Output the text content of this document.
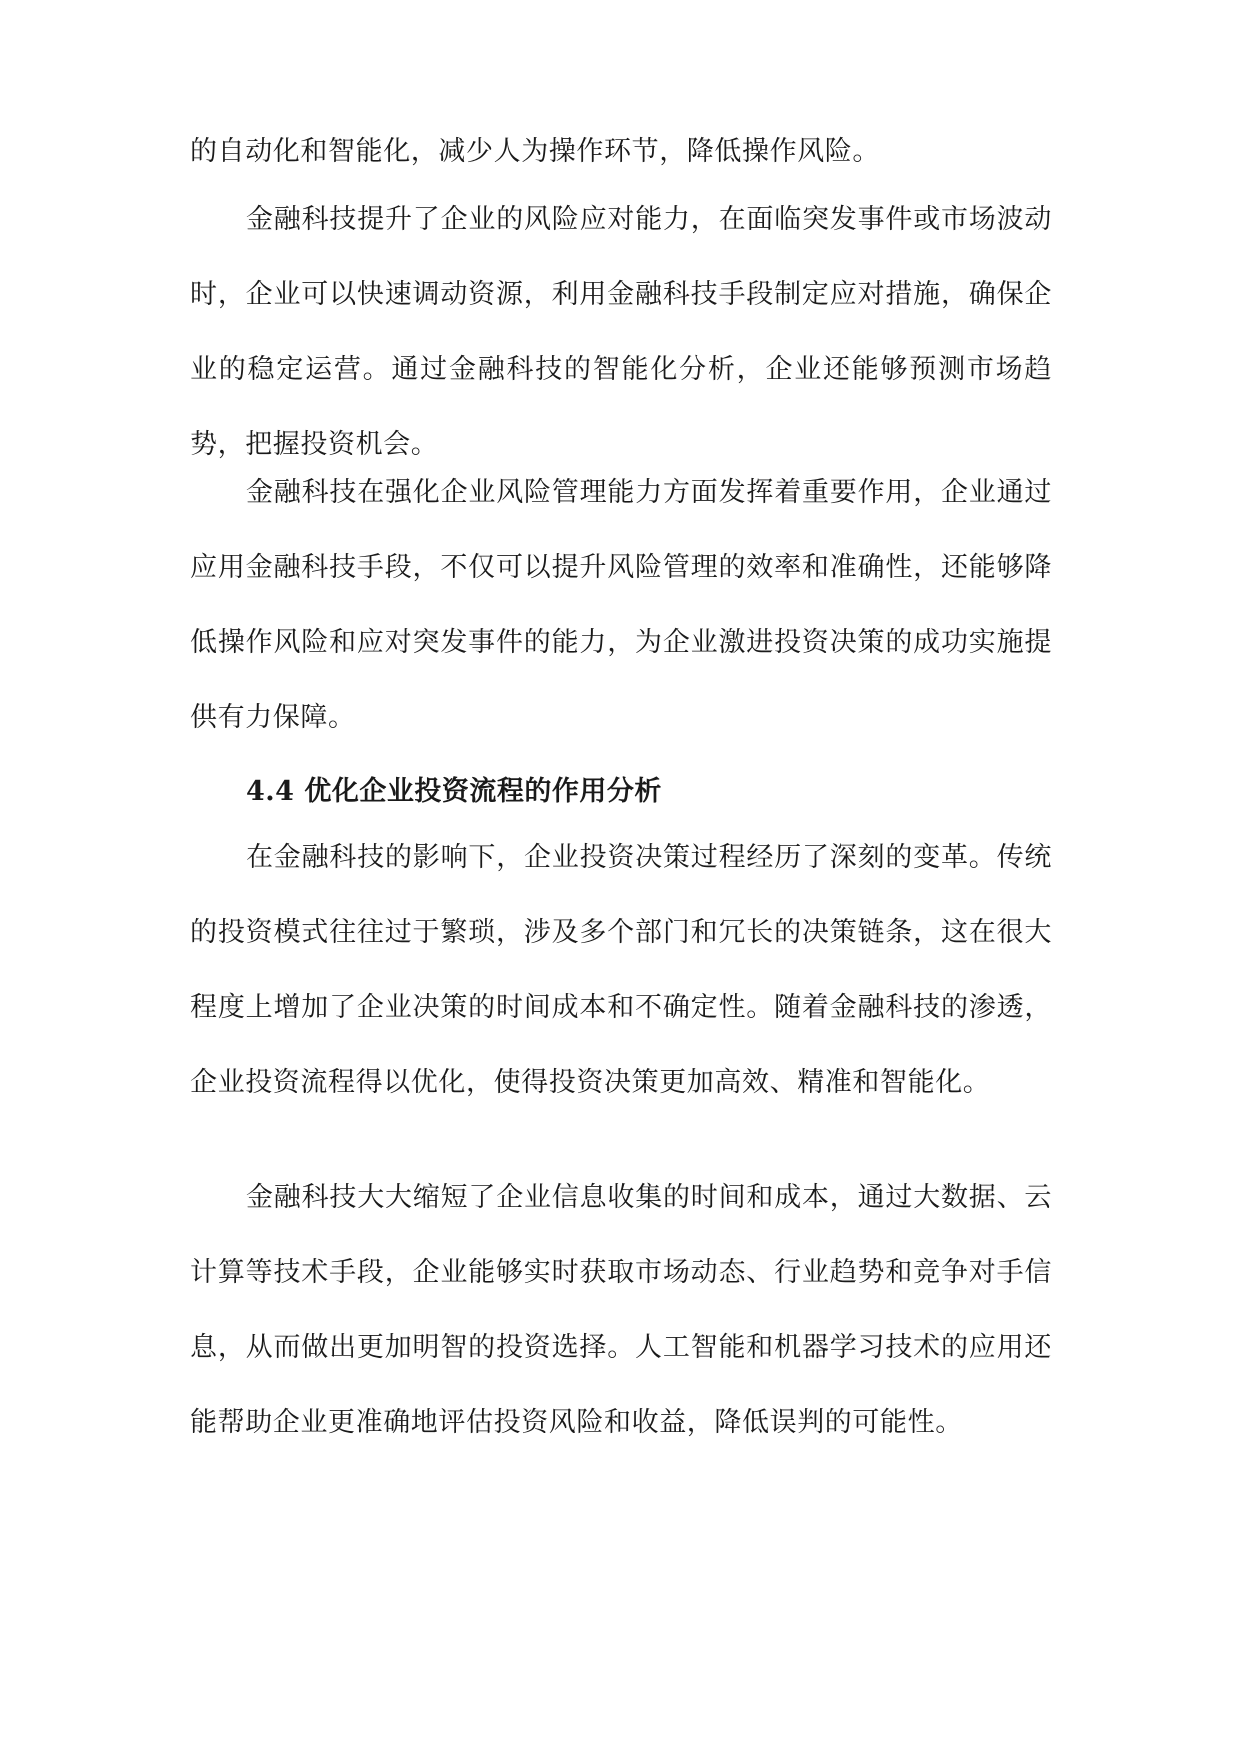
的自动化和智能化，减少人为操作环节，降低操作风险。

金融科技提升了企业的风险应对能力，在面临突发事件或市场波动时，企业可以快速调动资源，利用金融科技手段制定应对措施，确保企业的稳定运营。通过金融科技的智能化分析，企业还能够预测市场趋势，把握投资机会。

金融科技在强化企业风险管理能力方面发挥着重要作用，企业通过应用金融科技手段，不仅可以提升风险管理的效率和准确性，还能够降低操作风险和应对突发事件的能力，为企业激进投资决策的成功实施提供有力保障。

4.4 优化企业投资流程的作用分析

在金融科技的影响下，企业投资决策过程经历了深刻的变革。传统的投资模式往往过于繁琐，涉及多个部门和冗长的决策链条，这在很大程度上增加了企业决策的时间成本和不确定性。随着金融科技的渗透，企业投资流程得以优化，使得投资决策更加高效、精准和智能化。

金融科技大大缩短了企业信息收集的时间和成本，通过大数据、云计算等技术手段，企业能够实时获取市场动态、行业趋势和竞争对手信息，从而做出更加明智的投资选择。人工智能和机器学习技术的应用还能帮助企业更准确地评估投资风险和收益，降低误判的可能性。
